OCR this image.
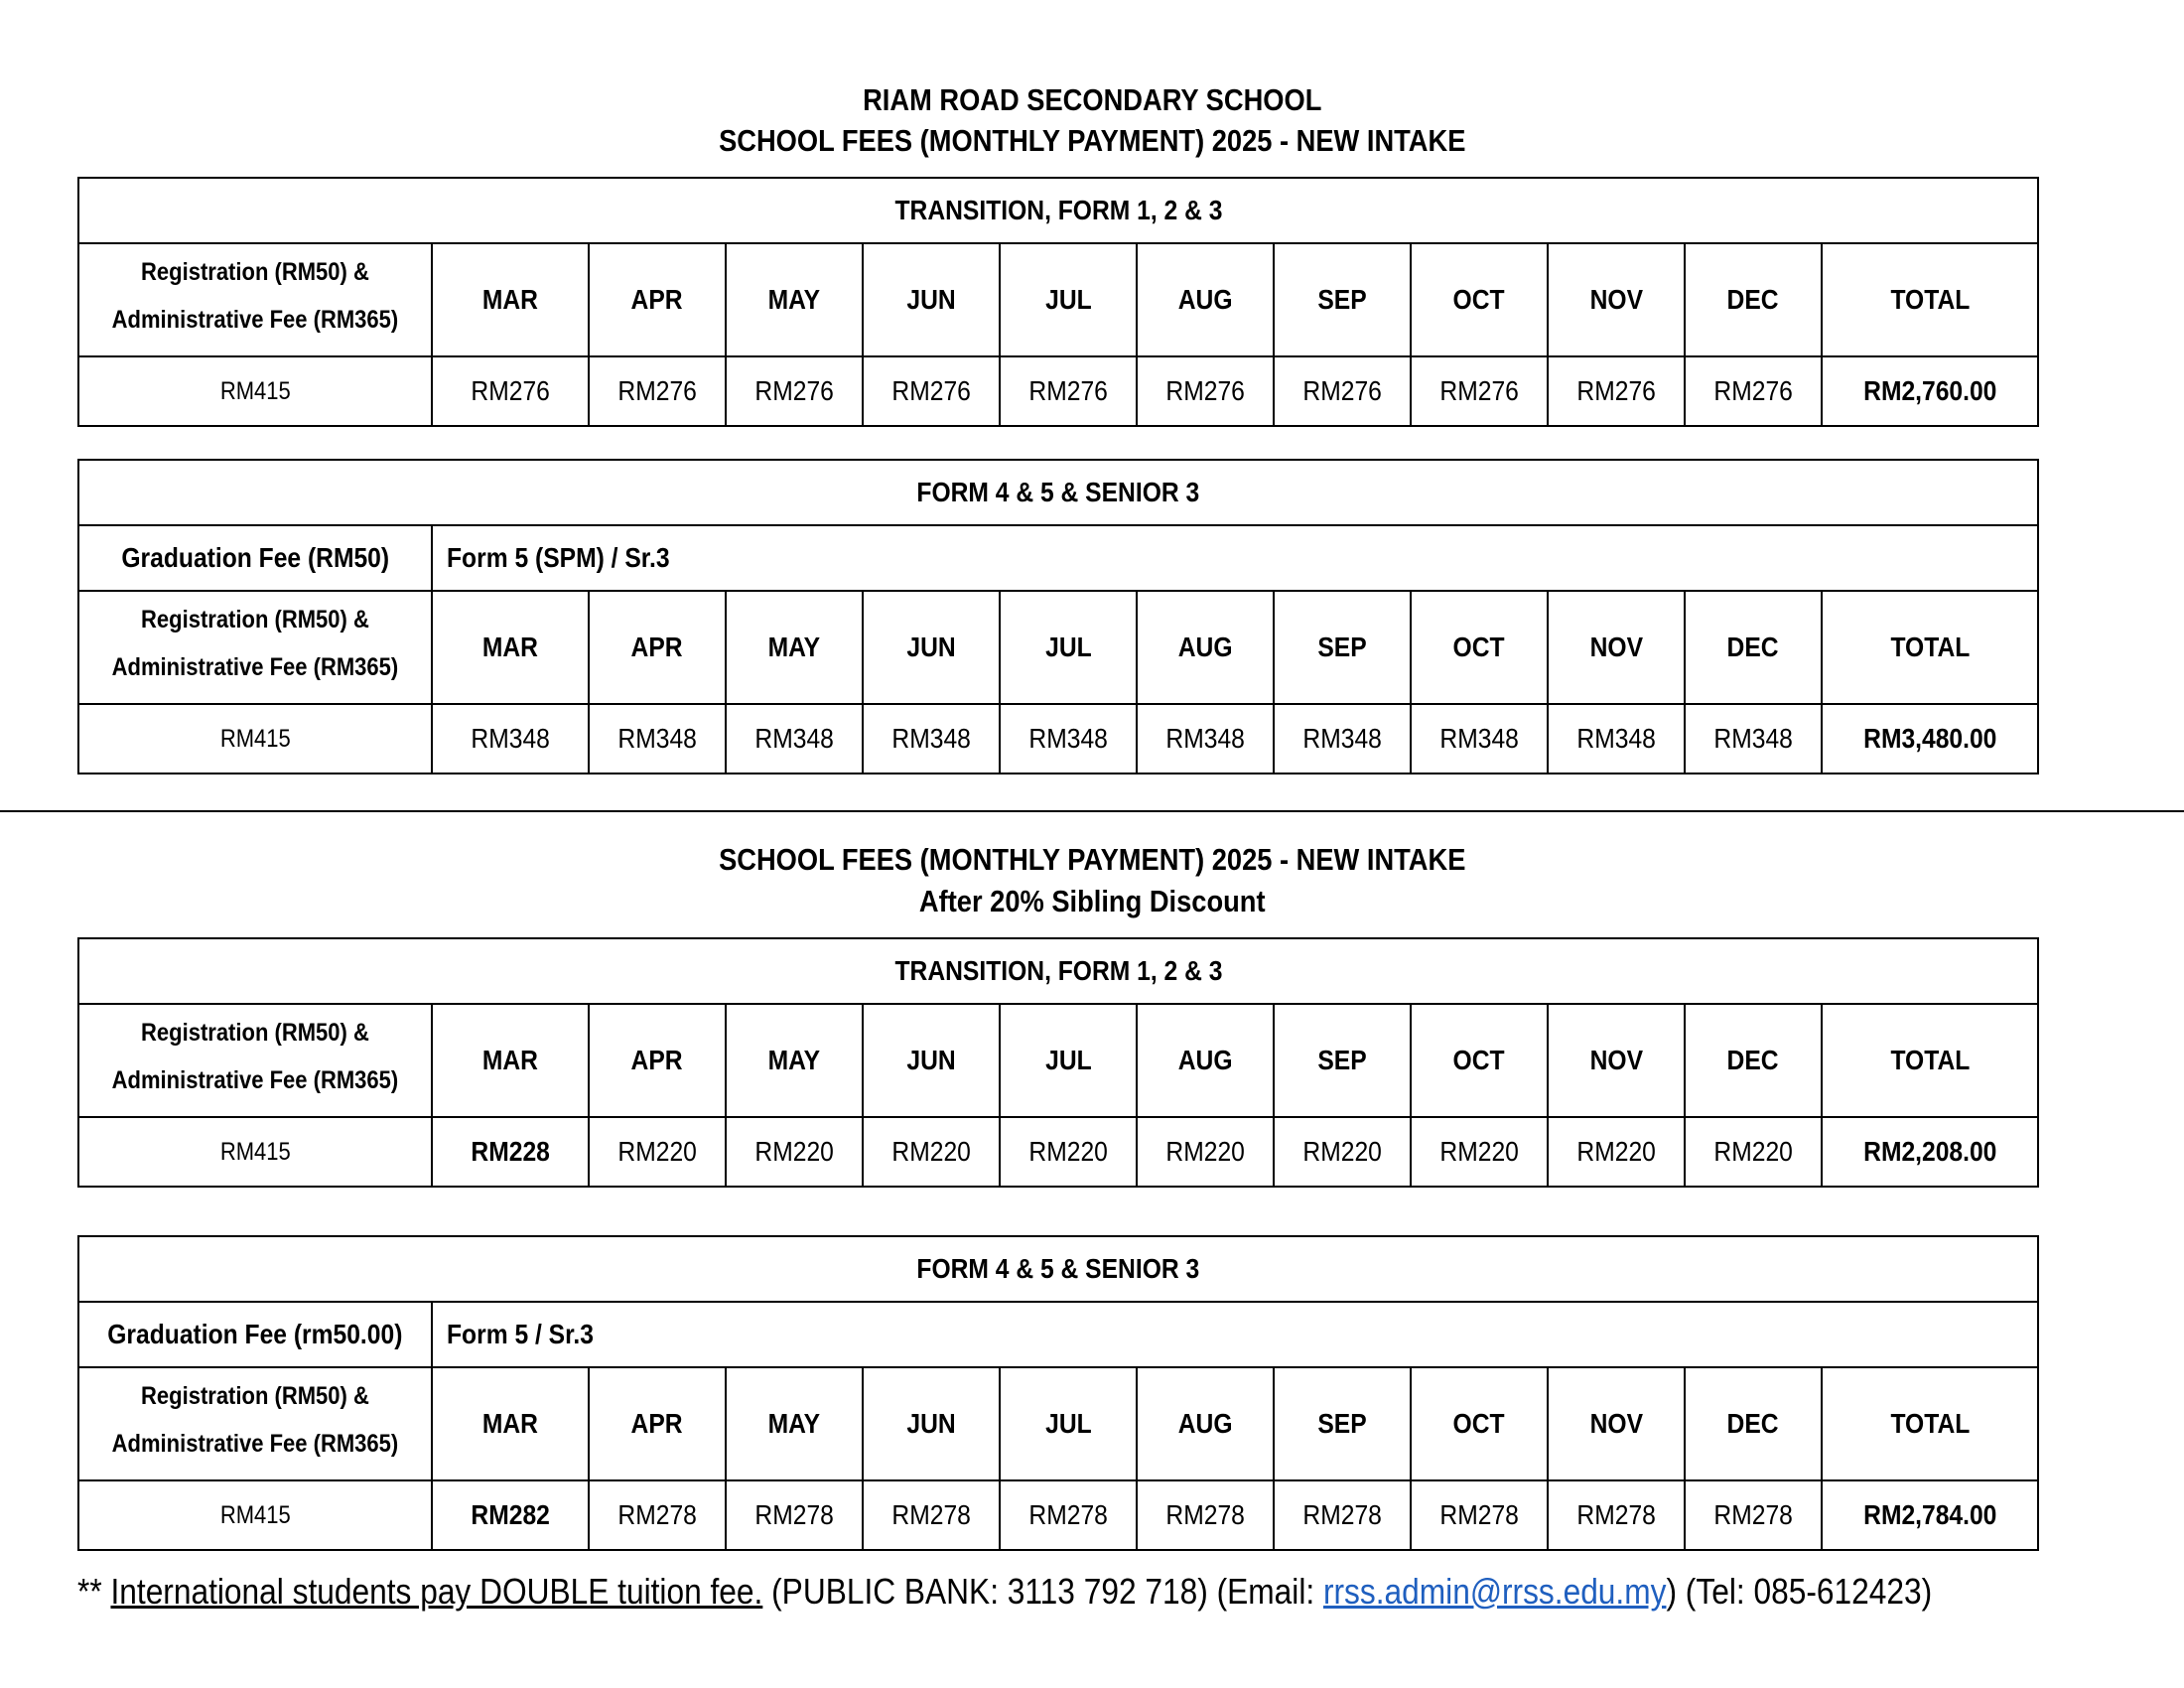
RIAM ROAD SECONDARY SCHOOL
SCHOOL FEES (MONTHLY PAYMENT) 2025 - NEW INTAKE
TRANSITION, FORM 1, 2 & 3											
Registration (RM50) &
Administrative Fee (RM365)	MAR	APR	MAY	JUN	JUL	AUG	SEP	OCT	NOV	DEC	TOTAL
RM415	RM276	RM276	RM276	RM276	RM276	RM276	RM276	RM276	RM276	RM276	RM2,760.00
FORM 4 & 5 & SENIOR 3											
Graduation Fee (RM50)	Form 5 (SPM) / Sr.3										
Registration (RM50) &
Administrative Fee (RM365)	MAR	APR	MAY	JUN	JUL	AUG	SEP	OCT	NOV	DEC	TOTAL
RM415	RM348	RM348	RM348	RM348	RM348	RM348	RM348	RM348	RM348	RM348	RM3,480.00
SCHOOL FEES (MONTHLY PAYMENT) 2025 - NEW INTAKE
After 20% Sibling Discount
TRANSITION, FORM 1, 2 & 3											
Registration (RM50) &
Administrative Fee (RM365)	MAR	APR	MAY	JUN	JUL	AUG	SEP	OCT	NOV	DEC	TOTAL
RM415	RM228	RM220	RM220	RM220	RM220	RM220	RM220	RM220	RM220	RM220	RM2,208.00
FORM 4 & 5 & SENIOR 3											
Graduation Fee (rm50.00)	Form 5 / Sr.3										
Registration (RM50) &
Administrative Fee (RM365)	MAR	APR	MAY	JUN	JUL	AUG	SEP	OCT	NOV	DEC	TOTAL
RM415	RM282	RM278	RM278	RM278	RM278	RM278	RM278	RM278	RM278	RM278	RM2,784.00
** International students pay DOUBLE tuition fee. (PUBLIC BANK: 3113 792 718) (Email: rrss.admin@rrss.edu.my) (Tel: 085-612423)
